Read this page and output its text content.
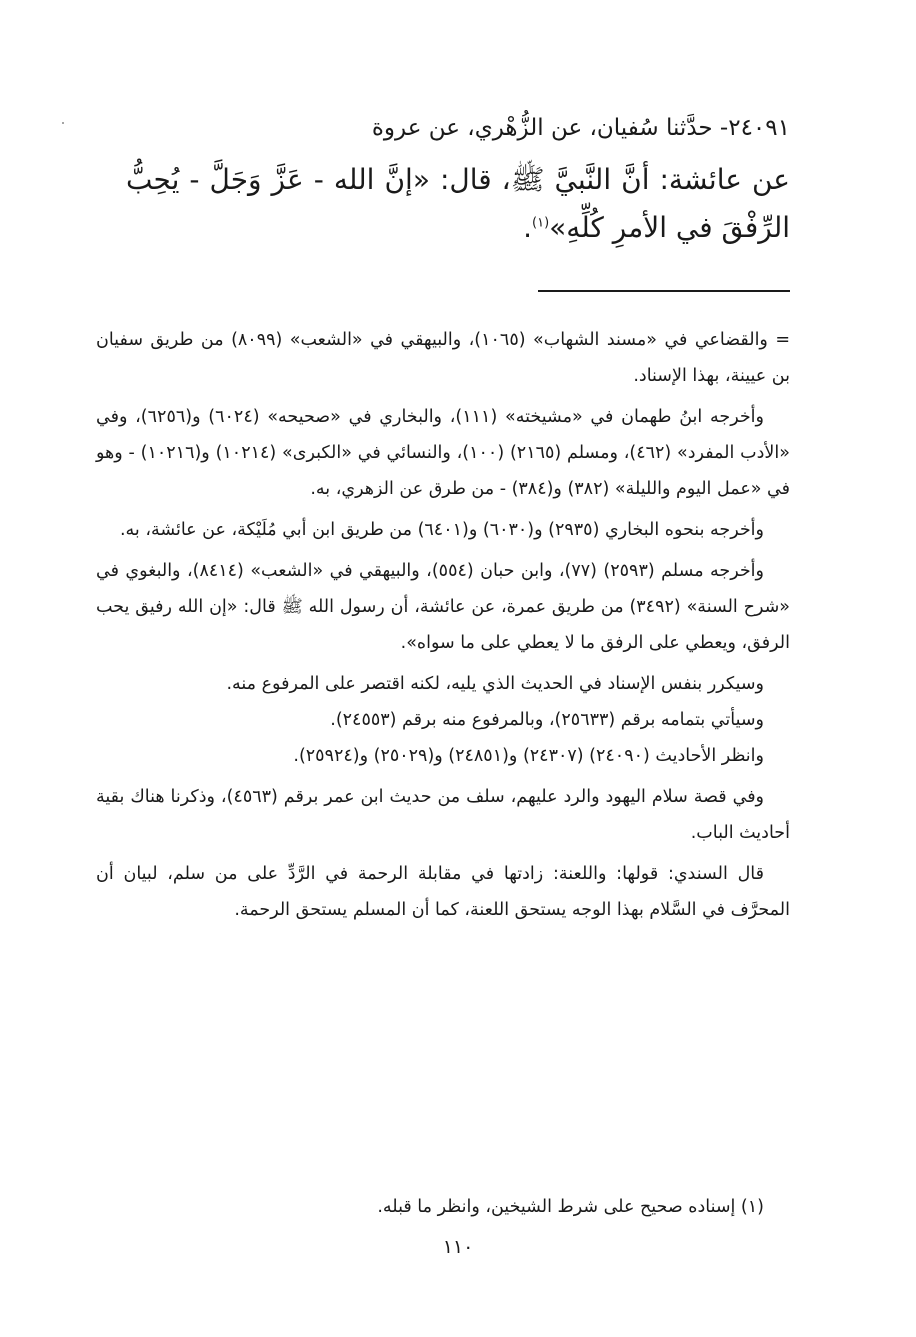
٢٤٠٩١- حدَّثنا سُفيان، عن الزُّهْري، عن عروة

عن عائشة: أنَّ النَّبيَّ ﷺ، قال: «إنَّ الله - عَزَّ وَجَلَّ - يُحِبُّ الرِّفْقَ في الأمرِ كُلِّهِ»$^{(١)}$.

= والقضاعي في «مسند الشهاب» (١٠٦٥)، والبيهقي في «الشعب» (٨٠٩٩) من طريق سفيان بن عيينة، بهذا الإسناد.

وأخرجه ابنُ طهمان في «مشيخته» (١١١)، والبخاري في «صحيحه» (٦٠٢٤) و(٦٢٥٦)، وفي «الأدب المفرد» (٤٦٢)، ومسلم (٢١٦٥) (١٠٠)، والنسائي في «الكبرى» (١٠٢١٤) و(١٠٢١٦) - وهو في «عمل اليوم والليلة» (٣٨٢) و(٣٨٤) - من طرق عن الزهري، به.

وأخرجه بنحوه البخاري (٢٩٣٥) و(٦٠٣٠) و(٦٤٠١) من طريق ابن أبي مُلَيْكة، عن عائشة، به.

وأخرجه مسلم (٢٥٩٣) (٧٧)، وابن حبان (٥٥٤)، والبيهقي في «الشعب» (٨٤١٤)، والبغوي في «شرح السنة» (٣٤٩٢) من طريق عمرة، عن عائشة، أن رسول الله ﷺ قال: «إن الله رفيق يحب الرفق، ويعطي على الرفق ما لا يعطي على ما سواه».

وسيكرر بنفس الإسناد في الحديث الذي يليه، لكنه اقتصر على المرفوع منه.

وسيأتي بتمامه برقم (٢٥٦٣٣)، وبالمرفوع منه برقم (٢٤٥٥٣).

وانظر الأحاديث (٢٤٠٩٠) (٢٤٣٠٧) و(٢٤٨٥١) و(٢٥٠٢٩) و(٢٥٩٢٤).

وفي قصة سلام اليهود والرد عليهم، سلف من حديث ابن عمر برقم (٤٥٦٣)، وذكرنا هناك بقية أحاديث الباب.

قال السندي: قولها: واللعنة: زادتها في مقابلة الرحمة في الرَّدِّ على من سلم، لبيان أن المحرَّف في السَّلام بهذا الوجه يستحق اللعنة، كما أن المسلم يستحق الرحمة.

(١) إسناده صحيح على شرط الشيخين، وانظر ما قبله.

١١٠
